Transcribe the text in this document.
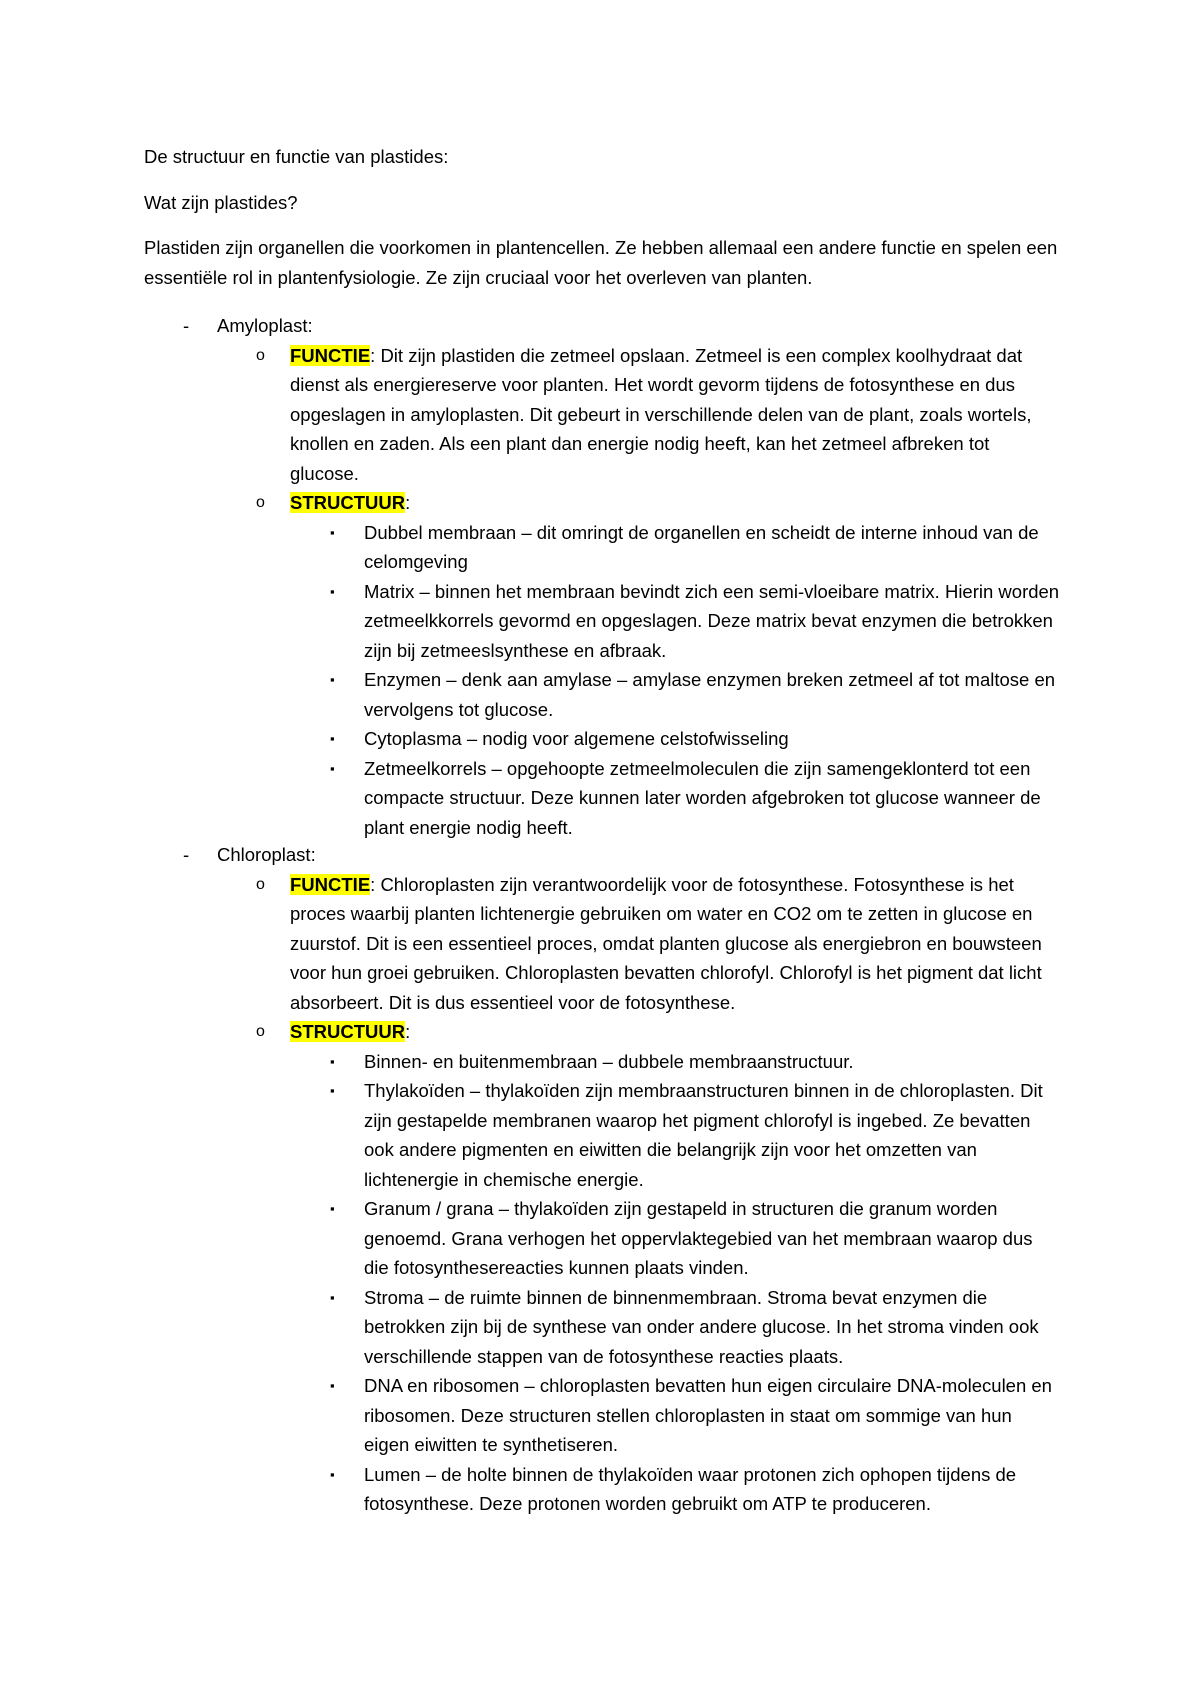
De structuur en functie van plastides:

Wat zijn plastides?

Plastiden zijn organellen die voorkomen in plantencellen. Ze hebben allemaal een andere functie en spelen een essentiële rol in plantenfysiologie. Ze zijn cruciaal voor het overleven van planten.

- Amyloplast:
o FUNCTIE: Dit zijn plastiden die zetmeel opslaan. Zetmeel is een complex koolhydraat dat dienst als energiereserve voor planten. Het wordt gevorm tijdens de fotosynthese en dus opgeslagen in amyloplasten. Dit gebeurt in verschillende delen van de plant, zoals wortels, knollen en zaden. Als een plant dan energie nodig heeft, kan het zetmeel afbreken tot glucose.
o STRUCTUUR:
▪ Dubbel membraan – dit omringt de organellen en scheidt de interne inhoud van de celomgeving
▪ Matrix – binnen het membraan bevindt zich een semi-vloeibare matrix. Hierin worden zetmeelkkorrels gevormd en opgeslagen. Deze matrix bevat enzymen die betrokken zijn bij zetmeeslsynthese en afbraak.
▪ Enzymen – denk aan amylase – amylase enzymen breken zetmeel af tot maltose en vervolgens tot glucose.
▪ Cytoplasma – nodig voor algemene celstofwisseling
▪ Zetmeelkorrels – opgehoopte zetmeelmoleculen die zijn samengeklonterd tot een compacte structuur. Deze kunnen later worden afgebroken tot glucose wanneer de plant energie nodig heeft.
- Chloroplast:
o FUNCTIE: Chloroplasten zijn verantwoordelijk voor de fotosynthese. Fotosynthese is het proces waarbij planten lichtenergie gebruiken om water en CO2 om te zetten in glucose en zuurstof. Dit is een essentieel proces, omdat planten glucose als energiebron en bouwsteen voor hun groei gebruiken. Chloroplasten bevatten chlorofyl. Chlorofyl is het pigment dat licht absorbeert. Dit is dus essentieel voor de fotosynthese.
o STRUCTUUR:
▪ Binnen- en buitenmembraan – dubbele membraanstructuur.
▪ Thylakoïden – thylakoïden zijn membraanstructuren binnen in de chloroplasten. Dit zijn gestapelde membranen waarop het pigment chlorofyl is ingebed. Ze bevatten ook andere pigmenten en eiwitten die belangrijk zijn voor het omzetten van lichtenergie in chemische energie.
▪ Granum / grana – thylakoïden zijn gestapeld in structuren die granum worden genoemd. Grana verhogen het oppervlaktegebied van het membraan waarop dus die fotosynthesereacties kunnen plaats vinden.
▪ Stroma – de ruimte binnen de binnenmembraan. Stroma bevat enzymen die betrokken zijn bij de synthese van onder andere glucose. In het stroma vinden ook verschillende stappen van de fotosynthese reacties plaats.
▪ DNA en ribosomen – chloroplasten bevatten hun eigen circulaire DNA-moleculen en ribosomen. Deze structuren stellen chloroplasten in staat om sommige van hun eigen eiwitten te synthetiseren.
▪ Lumen – de holte binnen de thylakoïden waar protonen zich ophopen tijdens de fotosynthese. Deze protonen worden gebruikt om ATP te produceren.
